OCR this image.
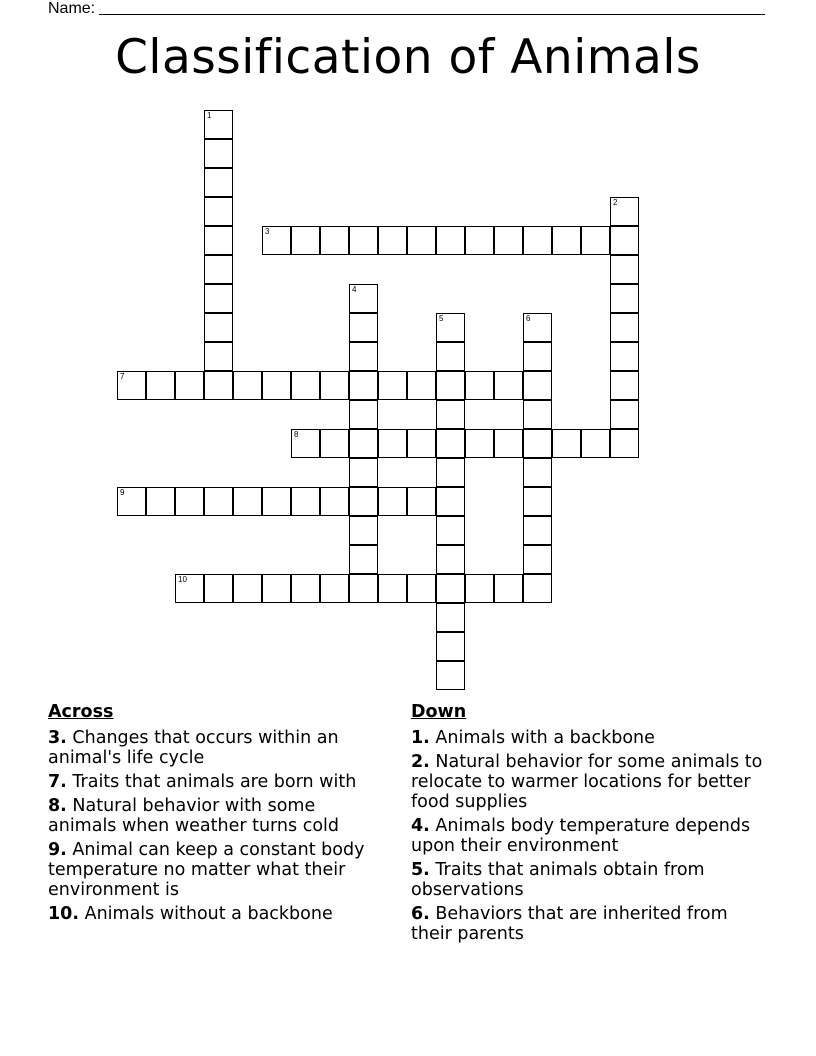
Name:
Classification of Animals
1
2
3
4
5	6
7
8
9
10
Across
3. Changes that occurs within an animal's life cycle
7. Traits that animals are born with
8. Natural behavior with some animals when weather turns cold
9. Animal can keep a constant body temperature no matter what their environment is
10. Animals without a backbone
Down
1. Animals with a backbone
2. Natural behavior for some animals to relocate to warmer locations for better food supplies
4. Animals body temperature depends upon their environment
5. Traits that animals obtain from observations
6. Behaviors that are inherited from their parents
